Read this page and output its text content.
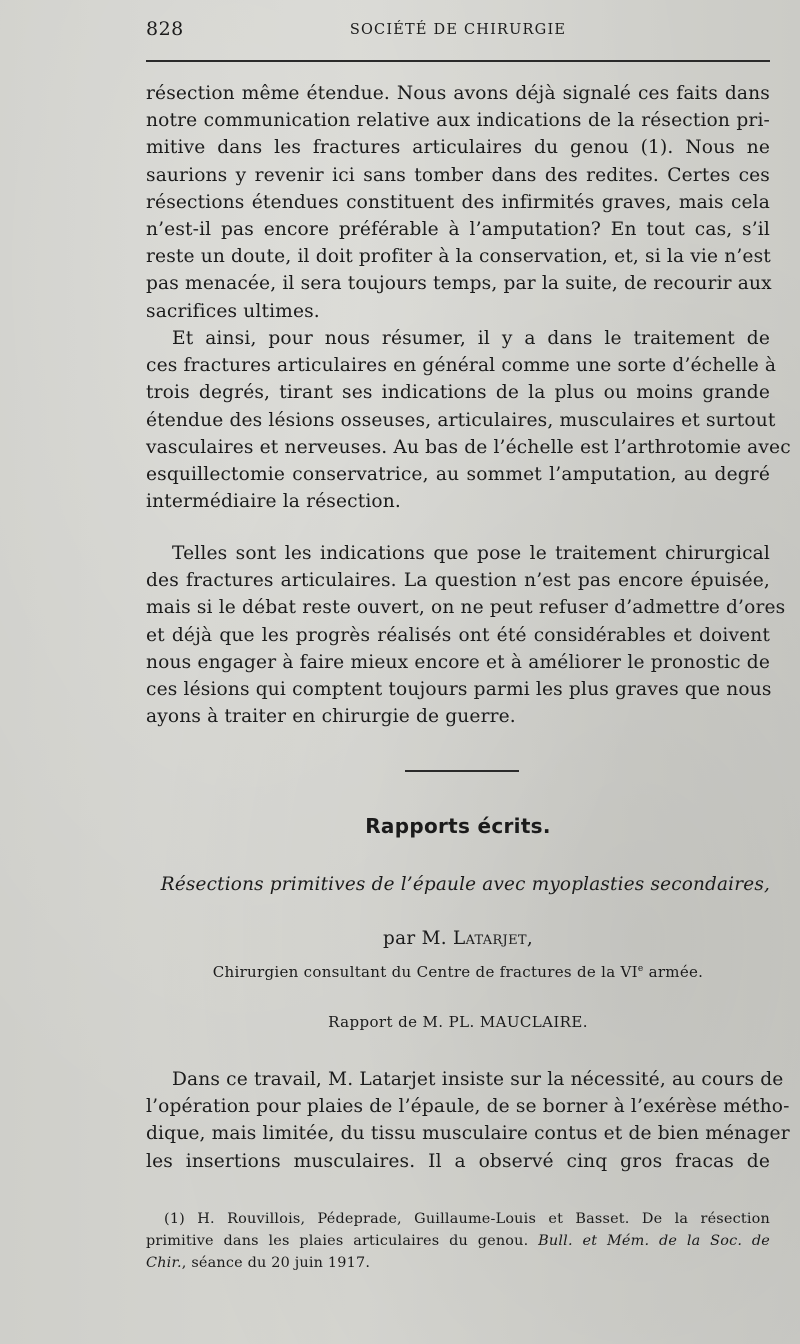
828	SOCIÉTÉ DE CHIRURGIE
résection même étendue. Nous avons déjà signalé ces faits dans
notre communication relative aux indications de la résection pri-
mitive dans les fractures articulaires du genou (1). Nous ne
saurions y revenir ici sans tomber dans des redites. Certes ces
résections étendues constituent des infirmités graves, mais cela
n’est-il pas encore préférable à l’amputation? En tout cas, s’il
reste un doute, il doit profiter à la conservation, et, si la vie n’est
pas menacée, il sera toujours temps, par la suite, de recourir aux
sacrifices ultimes.
Et ainsi, pour nous résumer, il y a dans le traitement de
ces fractures articulaires en général comme une sorte d’échelle à
trois degrés, tirant ses indications de la plus ou moins grande
étendue des lésions osseuses, articulaires, musculaires et surtout
vasculaires et nerveuses. Au bas de l’échelle est l’arthrotomie avec
esquillectomie conservatrice, au sommet l’amputation, au degré
intermédiaire la résection.
Telles sont les indications que pose le traitement chirurgical
des fractures articulaires. La question n’est pas encore épuisée,
mais si le débat reste ouvert, on ne peut refuser d’admettre d’ores
et déjà que les progrès réalisés ont été considérables et doivent
nous engager à faire mieux encore et à améliorer le pronostic de
ces lésions qui comptent toujours parmi les plus graves que nous
ayons à traiter en chirurgie de guerre.
Rapports écrits.
Résections primitives de l’épaule avec myoplasties secondaires,
par M. Latarjet,
Chirurgien consultant du Centre de fractures de la VIe armée.
Rapport de M. PL. MAUCLAIRE.
Dans ce travail, M. Latarjet insiste sur la nécessité, au cours de
l’opération pour plaies de l’épaule, de se borner à l’exérèse métho-
dique, mais limitée, du tissu musculaire contus et de bien ménager
les insertions musculaires. Il a observé cinq gros fracas de
(1) H. Rouvillois, Pédeprade, Guillaume-Louis et Basset. De la résection
primitive dans les plaies articulaires du genou. Bull. et Mém. de la Soc. de
Chir., séance du 20 juin 1917.
